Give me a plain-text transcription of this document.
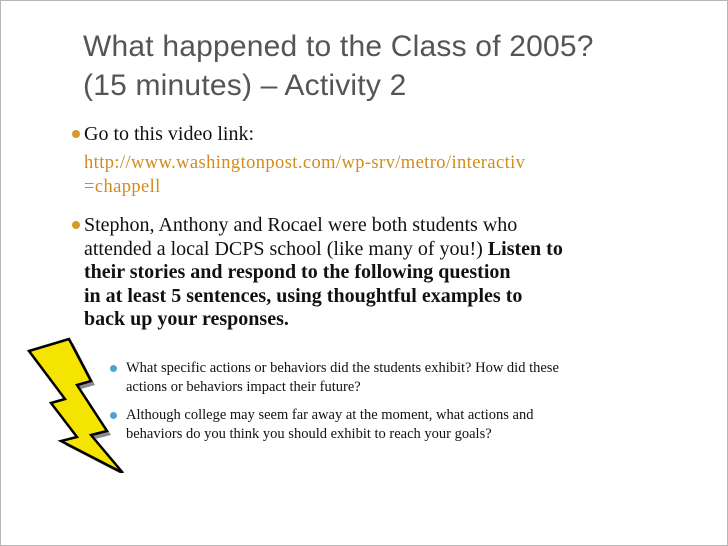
What happened to the Class of 2005?
(15 minutes) – Activity 2
Go to this video link:
http://www.washingtonpost.com/wp-srv/metro/interactiv
=chappell
Stephon, Anthony and Rocael were both students who
attended a local DCPS school (like many of you!) Listen to
their stories and respond to the following question
in at least 5 sentences, using thoughtful examples to
back up your responses.
What specific actions or behaviors did the students exhibit? How did these
actions or behaviors impact their future?
Although college may seem far away at the moment, what actions and
behaviors do you think you should exhibit to reach your goals?
